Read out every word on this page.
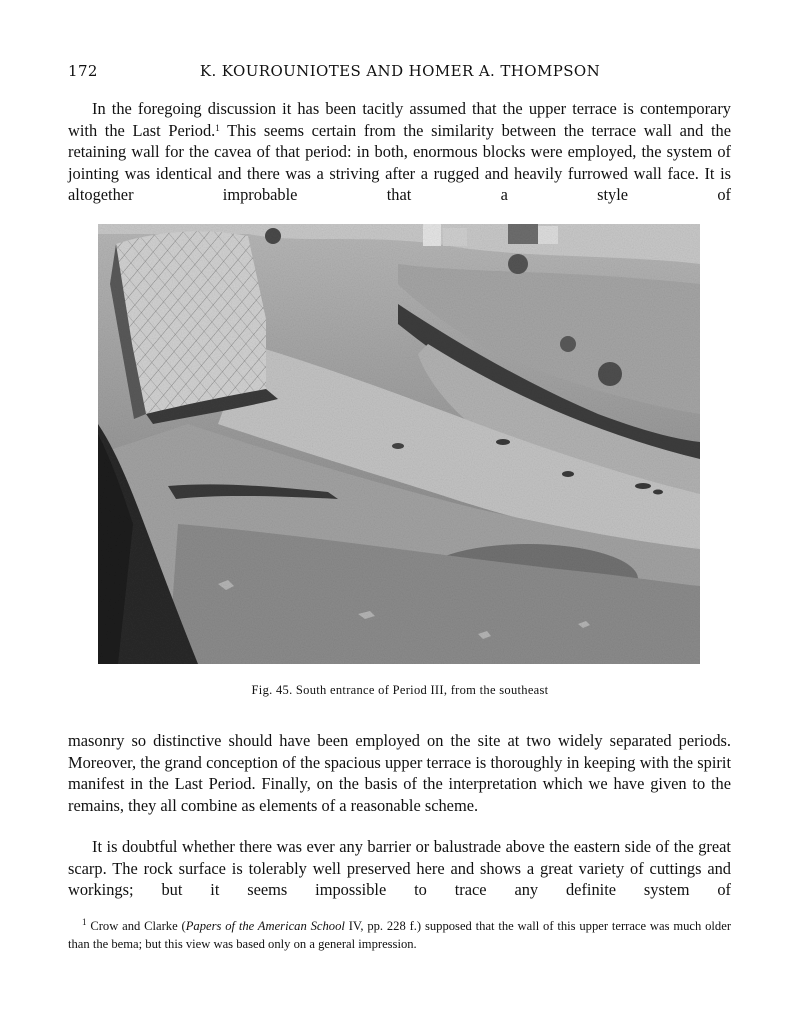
172	K. KOUROUNIOTES AND HOMER A. THOMPSON

In the foregoing discussion it has been tacitly assumed that the upper terrace is contemporary with the Last Period.$^1$ This seems certain from the similarity between the terrace wall and the retaining wall for the cavea of that period: in both, enormous blocks were employed, the system of jointing was identical and there was a striving after a rugged and heavily furrowed wall face. It is altogether improbable that a style of

Fig. 45. South entrance of Period III, from the southeast

masonry so distinctive should have been employed on the site at two widely separated periods. Moreover, the grand conception of the spacious upper terrace is thoroughly in keeping with the spirit manifest in the Last Period. Finally, on the basis of the interpretation which we have given to the remains, they all combine as elements of a reasonable scheme.

It is doubtful whether there was ever any barrier or balustrade above the eastern side of the great scarp. The rock surface is tolerably well preserved here and shows a great variety of cuttings and workings; but it seems impossible to trace any definite system of

$^1$ Crow and Clarke (Papers of the American School IV, pp. 228 f.) supposed that the wall of this upper terrace was much older than the bema; but this view was based only on a general impression.
